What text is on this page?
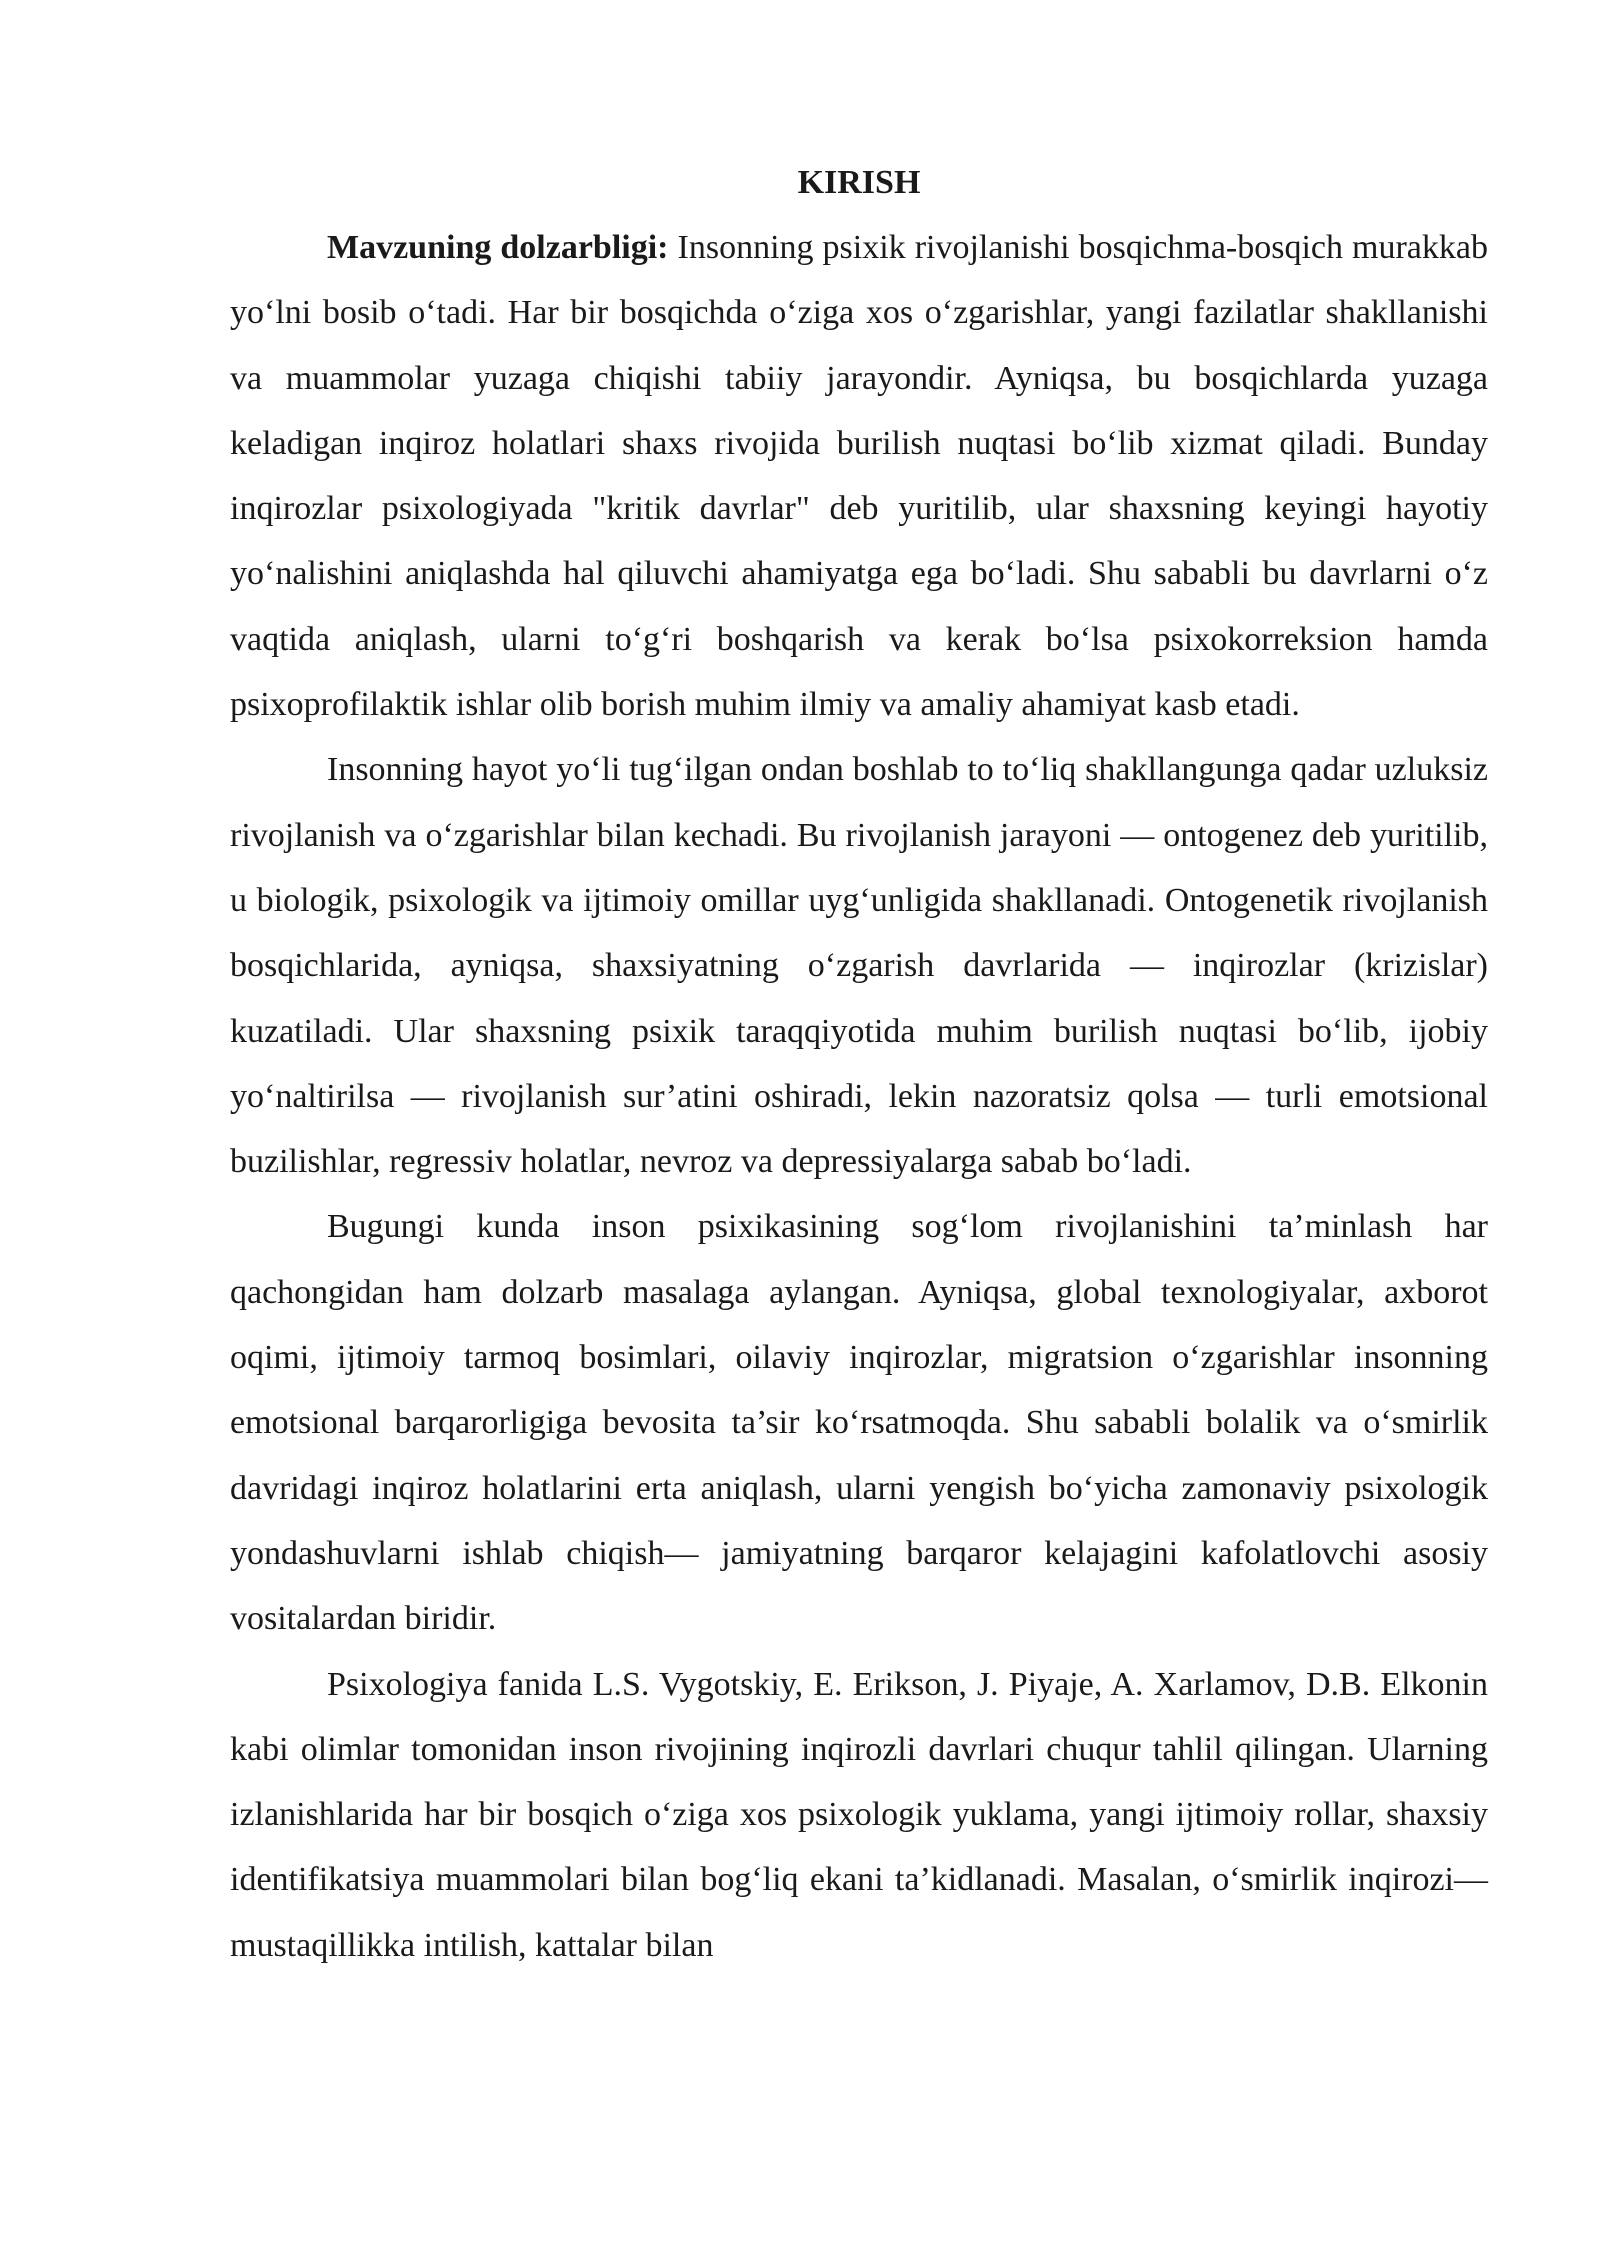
KIRISH

Mavzuning dolzarbligi: Insonning psixik rivojlanishi bosqichma-bosqich murakkab yo‘lni bosib o‘tadi. Har bir bosqichda o‘ziga xos o‘zgarishlar, yangi fazilatlar shakllanishi va muammolar yuzaga chiqishi tabiiy jarayondir. Ayniqsa, bu bosqichlarda yuzaga keladigan inqiroz holatlari shaxs rivojida burilish nuqtasi bo‘lib xizmat qiladi. Bunday inqirozlar psixologiyada "kritik davrlar" deb yuritilib, ular shaxsning keyingi hayotiy yo‘nalishini aniqlashda hal qiluvchi ahamiyatga ega bo‘ladi. Shu sababli bu davrlarni o‘z vaqtida aniqlash, ularni to‘g‘ri boshqarish va kerak bo‘lsa psixokorreksion hamda psixoprofilaktik ishlar olib borish muhim ilmiy va amaliy ahamiyat kasb etadi.

Insonning hayot yo‘li tug‘ilgan ondan boshlab to to‘liq shakllangunga qadar uzluksiz rivojlanish va o‘zgarishlar bilan kechadi. Bu rivojlanish jarayoni — ontogenez deb yuritilib, u biologik, psixologik va ijtimoiy omillar uyg‘unligida shakllanadi. Ontogenetik rivojlanish bosqichlarida, ayniqsa, shaxsiyatning o‘zgarish davrlarida — inqirozlar (krizislar) kuzatiladi. Ular shaxsning psixik taraqqiyotida muhim burilish nuqtasi bo‘lib, ijobiy yo‘naltirilsa — rivojlanish sur’atini oshiradi, lekin nazoratsiz qolsa — turli emotsional buzilishlar, regressiv holatlar, nevroz va depressiyalarga sabab bo‘ladi.

Bugungi kunda inson psixikasining sog‘lom rivojlanishini ta’minlash har qachongidan ham dolzarb masalaga aylangan. Ayniqsa, global texnologiyalar, axborot oqimi, ijtimoiy tarmoq bosimlari, oilaviy inqirozlar, migratsion o‘zgarishlar insonning emotsional barqarorligiga bevosita ta’sir ko‘rsatmoqda. Shu sababli bolalik va o‘smirlik davridagi inqiroz holatlarini erta aniqlash, ularni yengish bo‘yicha zamonaviy psixologik yondashuvlarni ishlab chiqish— jamiyatning barqaror kelajagini kafolatlovchi asosiy vositalardan biridir.

Psixologiya fanida L.S. Vygotskiy, E. Erikson, J. Piyaje, A. Xarlamov, D.B. Elkonin kabi olimlar tomonidan inson rivojining inqirozli davrlari chuqur tahlil qilingan. Ularning izlanishlarida har bir bosqich o‘ziga xos psixologik yuklama, yangi ijtimoiy rollar, shaxsiy identifikatsiya muammolari bilan bog‘liq ekani ta’kidlanadi. Masalan, o‘smirlik inqirozi—mustaqillikka intilish, kattalar bilan
